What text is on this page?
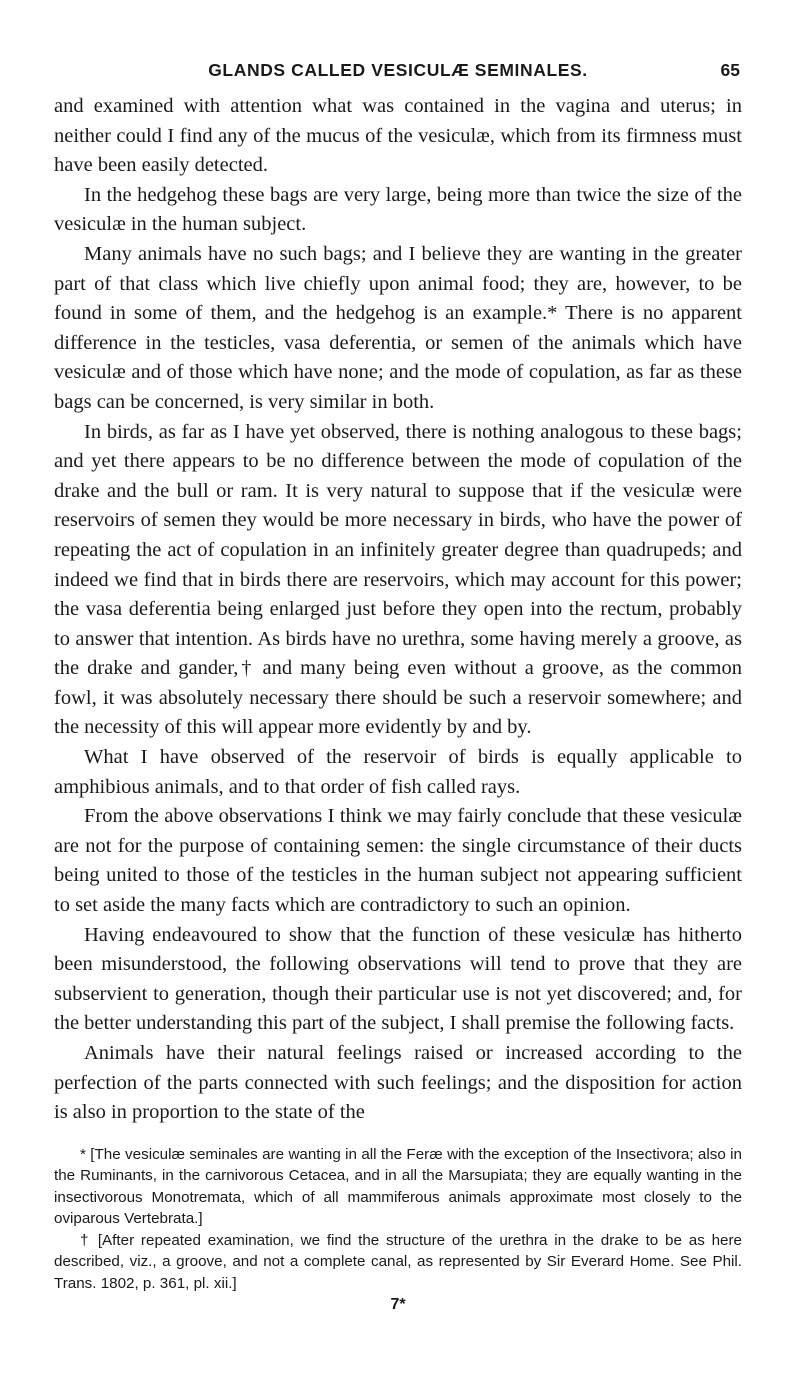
GLANDS CALLED VESICULÆ SEMINALES.	65

and examined with attention what was contained in the vagina and uterus; in neither could I find any of the mucus of the vesiculæ, which from its firmness must have been easily detected.

In the hedgehog these bags are very large, being more than twice the size of the vesiculæ in the human subject.

Many animals have no such bags; and I believe they are wanting in the greater part of that class which live chiefly upon animal food; they are, however, to be found in some of them, and the hedgehog is an example.* There is no apparent difference in the testicles, vasa deferentia, or semen of the animals which have vesiculæ and of those which have none; and the mode of copulation, as far as these bags can be concerned, is very similar in both.

In birds, as far as I have yet observed, there is nothing analogous to these bags; and yet there appears to be no difference between the mode of copulation of the drake and the bull or ram. It is very natural to suppose that if the vesiculæ were reservoirs of semen they would be more necessary in birds, who have the power of repeating the act of copulation in an infinitely greater degree than quadrupeds; and indeed we find that in birds there are reservoirs, which may account for this power; the vasa deferentia being enlarged just before they open into the rectum, probably to answer that intention. As birds have no urethra, some having merely a groove, as the drake and gander,† and many being even without a groove, as the common fowl, it was absolutely necessary there should be such a reservoir somewhere; and the necessity of this will appear more evidently by and by.

What I have observed of the reservoir of birds is equally applicable to amphibious animals, and to that order of fish called rays.

From the above observations I think we may fairly conclude that these vesiculæ are not for the purpose of containing semen: the single circumstance of their ducts being united to those of the testicles in the human subject not appearing sufficient to set aside the many facts which are contradictory to such an opinion.

Having endeavoured to show that the function of these vesiculæ has hitherto been misunderstood, the following observations will tend to prove that they are subservient to generation, though their particular use is not yet discovered; and, for the better understanding this part of the subject, I shall premise the following facts.

Animals have their natural feelings raised or increased according to the perfection of the parts connected with such feelings; and the disposition for action is also in proportion to the state of the

* [The vesiculæ seminales are wanting in all the Feræ with the exception of the Insectivora; also in the Ruminants, in the carnivorous Cetacea, and in all the Marsupiata; they are equally wanting in the insectivorous Monotremata, which of all mammiferous animals approximate most closely to the oviparous Vertebrata.]

† [After repeated examination, we find the structure of the urethra in the drake to be as here described, viz., a groove, and not a complete canal, as represented by Sir Everard Home. See Phil. Trans. 1802, p. 361, pl. xii.]

7*
